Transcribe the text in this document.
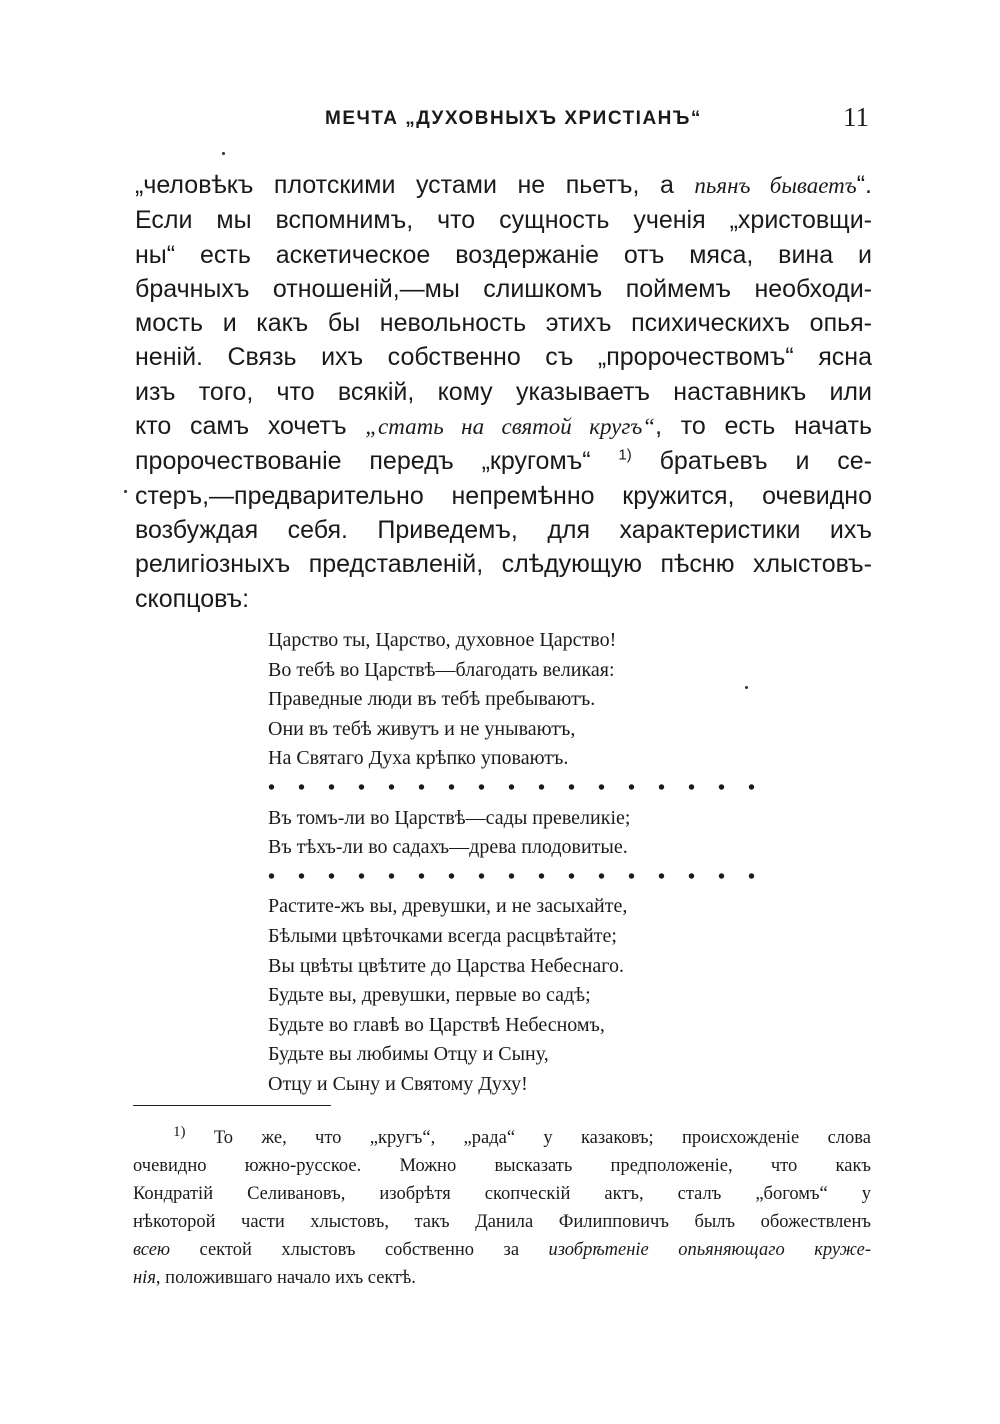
МЕЧТА „ДУХОВНЫХЪ ХРИСТІАНЪ“	11
„человѣкъ плотскими устами не пьетъ, а пьянъ бываетъ“.
Если мы вспомнимъ, что сущность ученія „христовщи-
ны“ есть аскетическое воздержаніе отъ мяса, вина и
брачныхъ отношеній,—мы слишкомъ поймемъ необходи-
мость и какъ бы невольность этихъ психическихъ опья-
неній. Связь ихъ собственно съ „пророчествомъ“ ясна
изъ того, что всякій, кому указываетъ наставникъ или
кто самъ хочетъ „стать на святой кругъ“, то есть начать
пророчествованіе передъ „кругомъ“ $^{1)}$ братьевъ и се-
стеръ,—предварительно непремѣнно кружится, очевидно
возбуждая себя. Приведемъ, для характеристики ихъ
религіозныхъ представленій, слѣдующую пѣсню хлыстовъ-
скопцовъ:
Царство ты, Царство, духовное Царство!
Во тебѣ во Царствѣ—благодать великая:
Праведные люди въ тебѣ пребываютъ.
Они въ тебѣ живутъ и не унываютъ,
На Святаго Духа крѣпко уповаютъ.
• • • • • • • • • • • • • • • • •
Въ томъ-ли во Царствѣ—сады превеликіе;
Въ тѣхъ-ли во садахъ—древа плодовитые.
• • • • • • • • • • • • • • • • •
Растите-жъ вы, древушки, и не засыхайте,
Бѣлыми цвѣточками всегда расцвѣтайте;
Вы цвѣты цвѣтите до Царства Небеснаго.
Будьте вы, древушки, первые во садѣ;
Будьте во главѣ во Царствѣ Небесномъ,
Будьте вы любимы Отцу и Сыну,
Отцу и Сыну и Святому Духу!
$^{1)}$ То же, что „кругъ“, „рада“ у казаковъ; происхожденіе слова
очевидно южно-русское. Можно высказать предположеніе, что какъ
Кондратій Селивановъ, изобрѣтя скопческій актъ, сталъ „богомъ“ у
нѣкоторой части хлыстовъ, такъ Данила Филипповичъ былъ обожествленъ
всею сектой хлыстовъ собственно за изобрѣтеніе опьяняющаго круже-
нія, положившаго начало ихъ сектѣ.
